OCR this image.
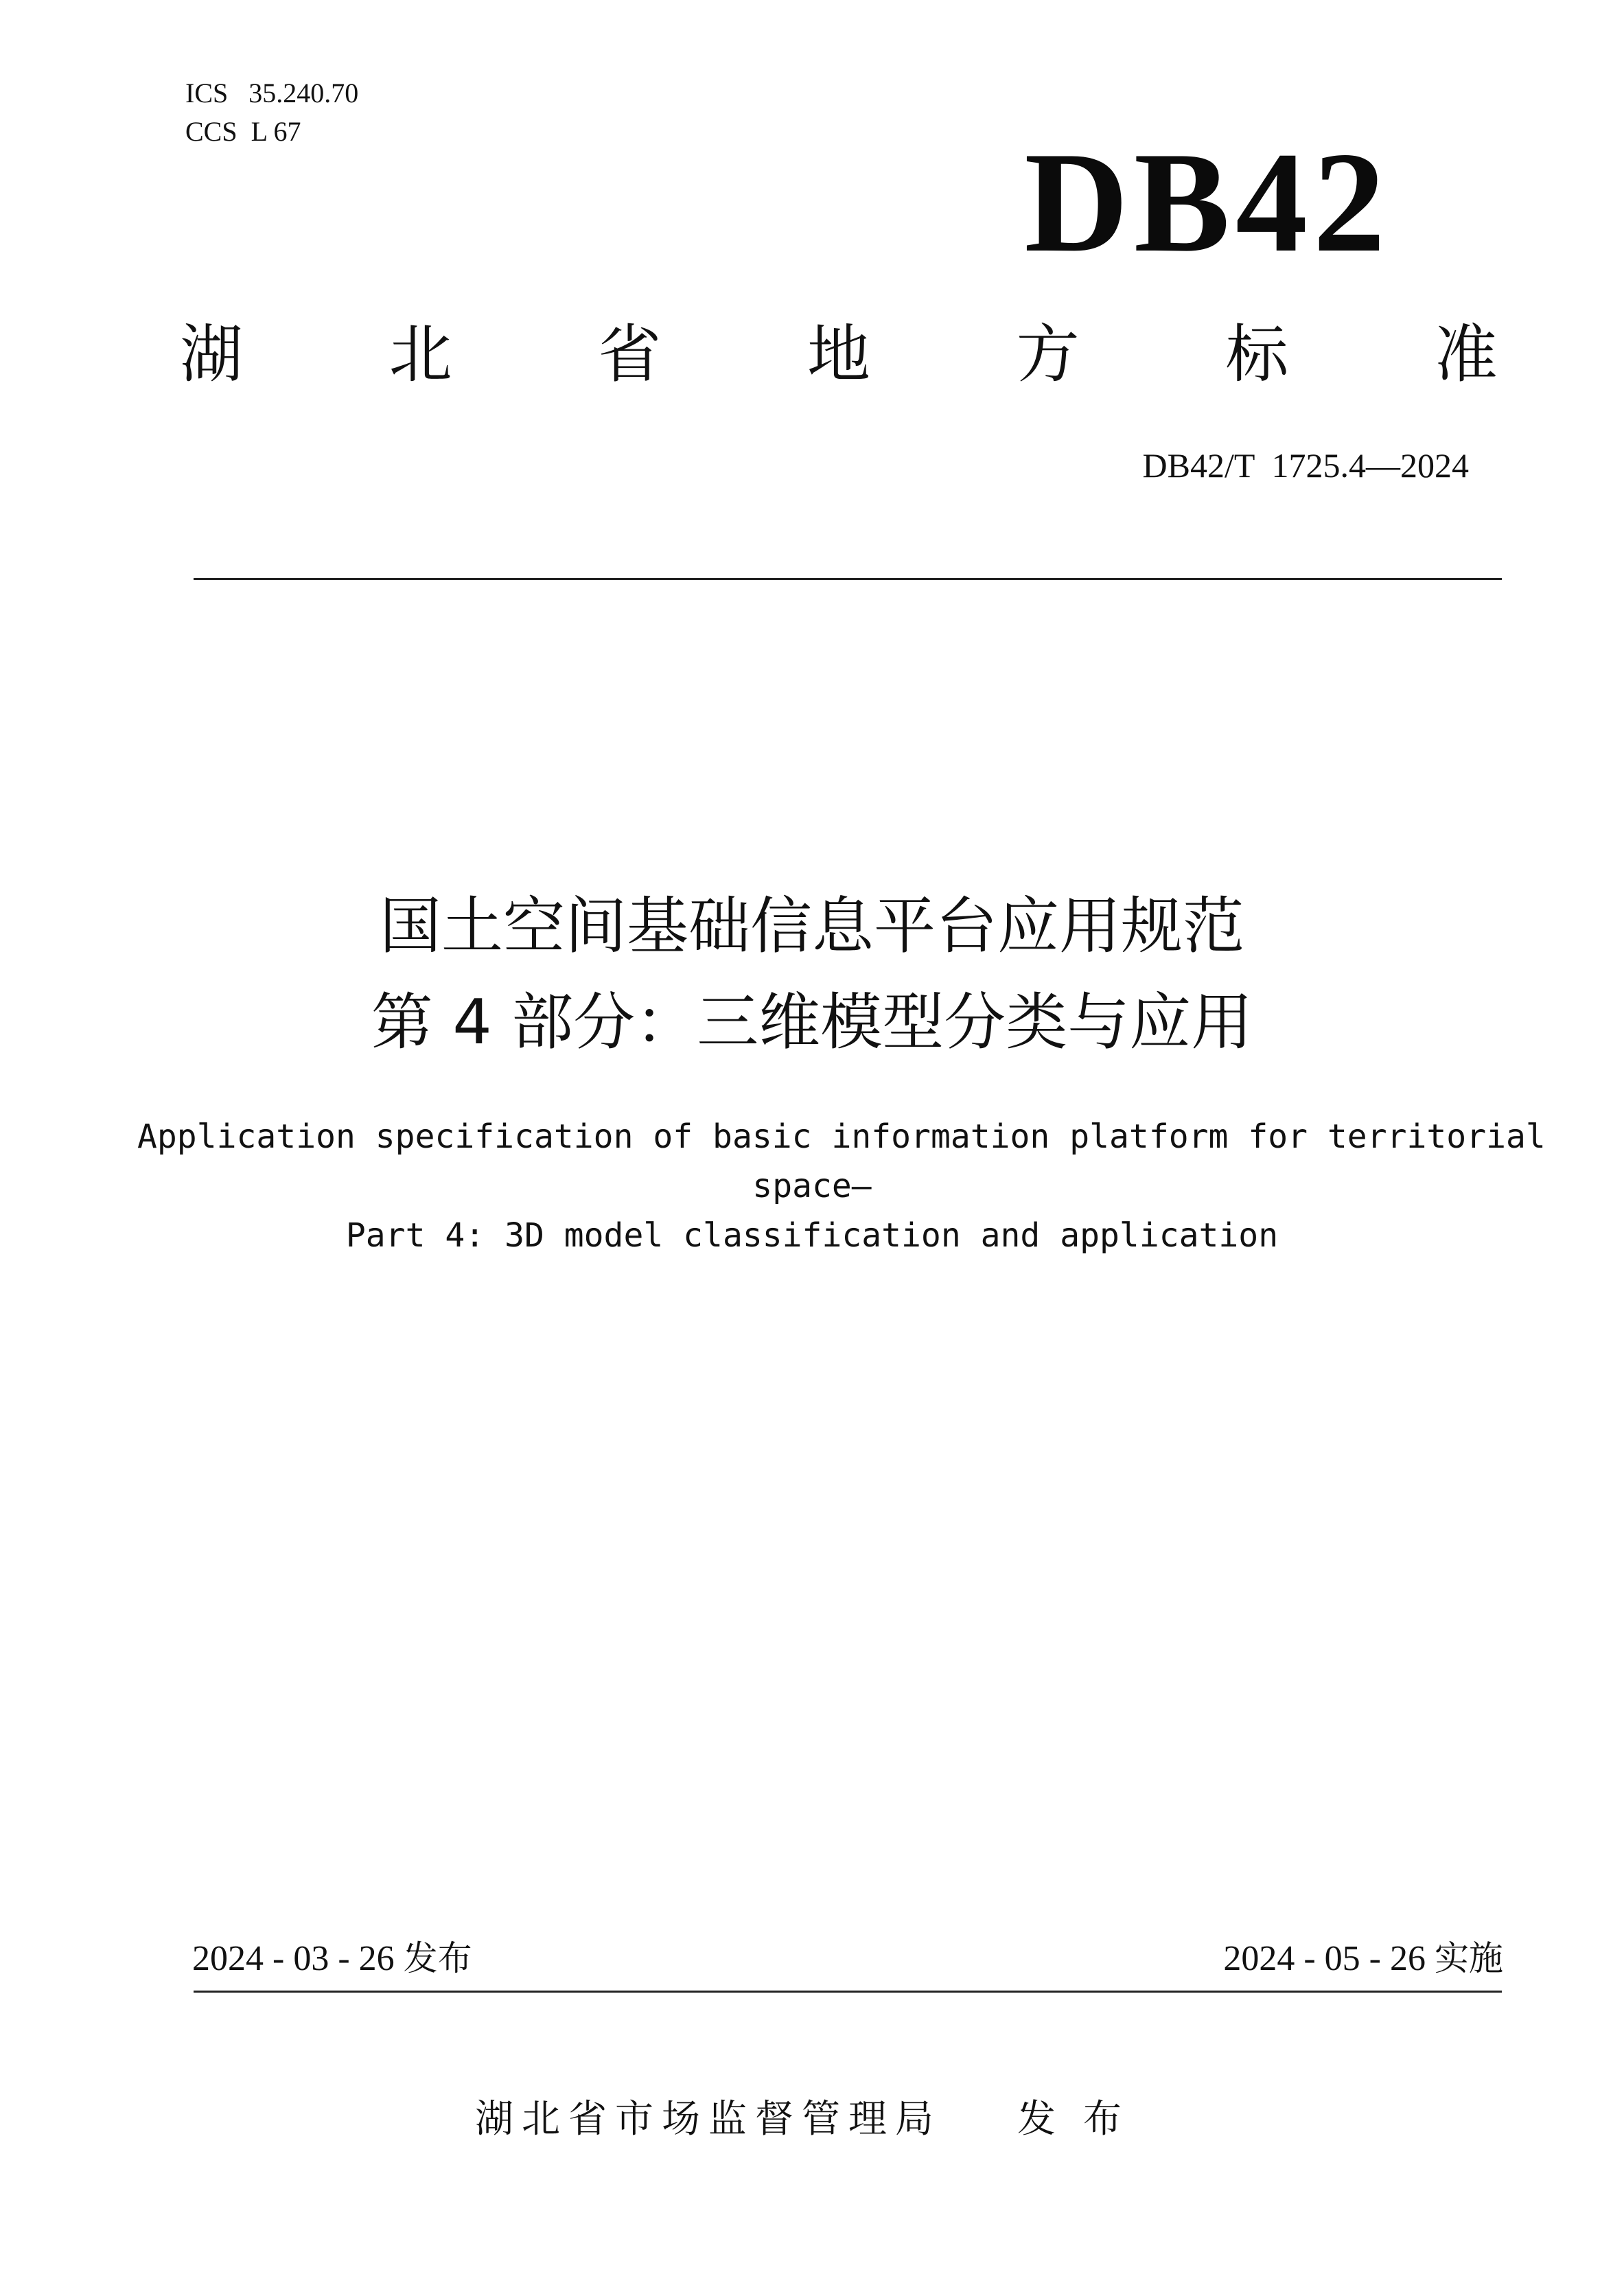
ICS   35.240.70
CCS  L 67	DB42
湖 北 省 地 方 标 准
DB42/T  1725.4—2024
国土空间基础信息平台应用规范
第 4 部分：三维模型分类与应用
Application specification of basic information platform for territorial
space—
Part 4: 3D model classification and application
2024 - 03 - 26 发布	2024 - 05 - 26 实施
湖北省市场监督管理局 发布
